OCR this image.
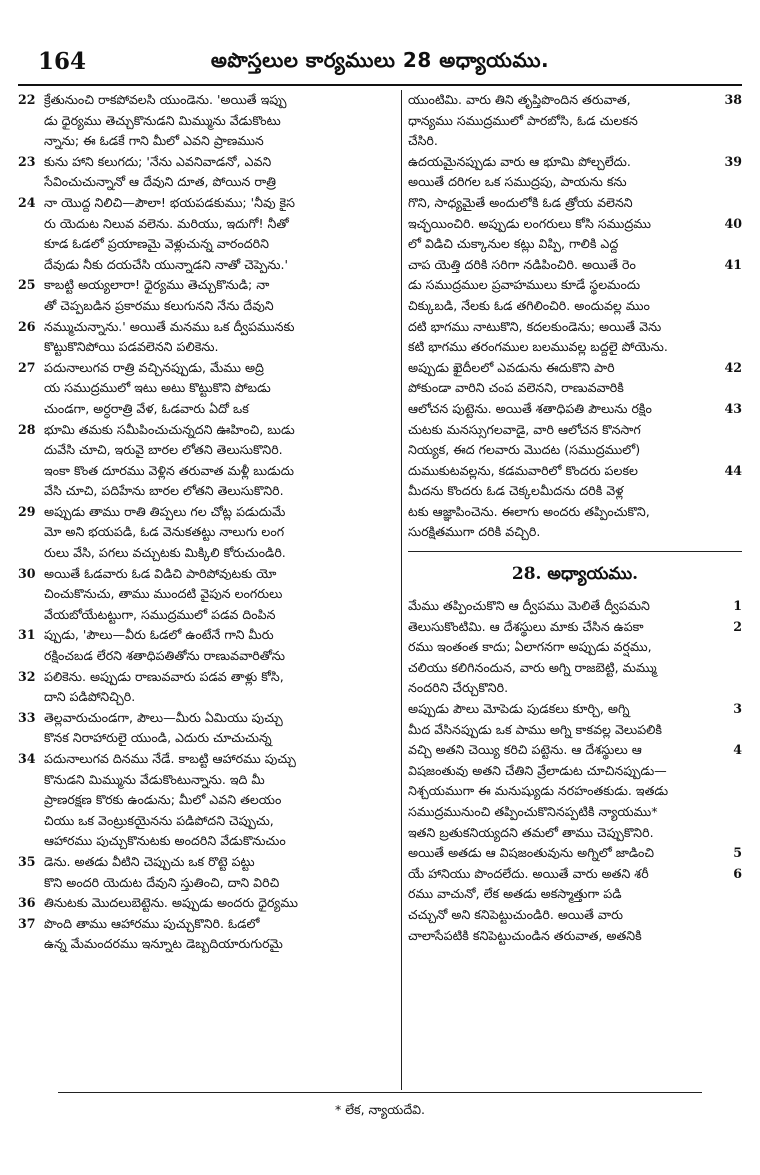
164	అపొస్తలుల కార్యములు 28 అధ్యాయము.
22 క్రేతునుంచి రాకపోవలసి యుండెను. 'అయితే ఇప్పు
డు ధైర్యము తెచ్చుకొనుడని మిమ్మును వేడుకొంటు
న్నాను; ఈ ఓడకే గాని మీలో ఎవని ప్రాణమున
23 కును హాని కలుగదు; 'నేను ఎవనివాడనో, ఎవని
సేవించుచున్నానో ఆ దేవుని దూత, పోయిన రాత్రి
24 నా యొద్ద నిలిచి—పౌలా! భయపడకుము; 'నీవు కైస
రు యెదుట నిలువ వలెను. మరియు, ఇదుగో! నీతో
కూడ ఓడలో ప్రయాణమై వెళ్లుచున్న వారందరిని
దేవుడు నీకు దయచేసి యున్నాడని నాతో చెప్పెను.'
25 కాబట్టి అయ్యలారా! ధైర్యము తెచ్చుకొనుడి; నా
తో చెప్పబడిన ప్రకారము కలుగునని నేను దేవుని
26 నమ్ముచున్నాను.' అయితే మనము ఒక ద్వీపమునకు
కొట్టుకొనిపోయి పడవలెనని పలికెను.
27 పదునాలుగవ రాత్రి వచ్చినప్పుడు, మేము అద్రి
య సముద్రములో ఇటు అటు కొట్టుకొని పోబడు
చుండగా, అర్ధరాత్రి వేళ, ఓడవారు ఏదో ఒక
28 భూమి తమకు సమీపించుచున్నదని ఊహించి, బుడు
దువేసి చూచి, ఇరువై బారల లోతని తెలుసుకొనిరి.
ఇంకా కొంత దూరము వెళ్లిన తరువాత మళ్లీ బుడుదు
వేసి చూచి, పదిహేను బారల లోతని తెలుసుకొనిరి.
29 అప్పుడు తాము రాతి తిప్పలు గల చోట్ల పడుదుమే
మో అని భయపడి, ఓడ వెనుకతట్టు నాలుగు లంగ
రులు వేసి, పగలు వచ్చుటకు మిక్కిలి కోరుచుండిరి.
30 అయితే ఓడవారు ఓడ విడిచి పారిపోవుటకు యో
చించుకొనుచు, తాము ముందటి వైపున లంగరులు
వేయబోయేటట్టుగా, సముద్రములో పడవ దింపిన
31 ప్పుడు, 'పౌలు—వీరు ఓడలో ఉంటేనే గాని మీరు
రక్షించబడ లేరని శతాధిపతితోను రాణువవారితోను
32 పలికెను. అప్పుడు రాణువవారు పడవ తాళ్లు కోసి,
దాని పడిపోనిచ్చిరి.
33 తెల్లవారుచుండగా, పౌలు—మీరు ఏమియు పుచ్చు
కొనక నిరాహారులై యుండి, ఎదురు చూచుచున్న
34 పదునాలుగవ దినము నేడే. కాబట్టి ఆహారము పుచ్చు
కొనుడని మిమ్మును వేడుకొంటున్నాను. ఇది మీ
ప్రాణరక్షణ కొరకు ఉండును; మీలో ఎవని తలయం
చియు ఒక వెంట్రుకయైనను పడిపోదని చెప్పుచు,
ఆహారము పుచ్చుకొనుటకు అందరిని వేడుకొనుచుం
35 డెను. అతడు వీటిని చెప్పుచు ఒక రొట్టె పట్టు
కొని అందరి యెదుట దేవుని స్తుతించి, దాని విరిచి
36 తినుటకు మొదలుబెట్టెను. అప్పుడు అందరు ధైర్యము
37 పొంది తాము ఆహారము పుచ్చుకొనిరి. ఓడలో
ఉన్న మేమందరము ఇన్నూట డెబ్బదియారుగురమై
యుంటిమి. వారు తిని తృప్తిపొందిన తరువాత,	38
ధాన్యము సముద్రములో పారబోసి, ఓడ చులకన
చేసిరి.
ఉదయమైనప్పుడు వారు ఆ భూమి పోల్చలేదు.	39
అయితే దరిగల ఒక సముద్రపు, పాయను కను
గొని, సాధ్యమైతే అందులోకి ఓడ త్రోయ వలెనని
ఇచ్ఛయించిరి. అప్పుడు లంగరులు కోసి సముద్రము	40
లో విడిచి చుక్కానుల కట్లు విప్పి, గాలికి ఎద్ద
చాప యెత్తి దరికి సరిగా నడిపించిరి. అయితే రెం	41
డు సముద్రముల ప్రవాహములు కూడే స్థలమందు
చిక్కుబడి, నేలకు ఓడ తగిలించిరి. అందువల్ల ముం
దటి భాగము నాటుకొని, కదలకుండెను; అయితే వెను
కటి భాగము తరంగముల బలమువల్ల బద్దలై పోయెను.
అప్పుడు ఖైదీలలో ఎవడును ఈదుకొని పారి	42
పోకుండా వారిని చంప వలెనని, రాణువవారికి
ఆలోచన పుట్టెను. అయితే శతాధిపతి పౌలును రక్షిం	43
చుటకు మనస్సుగలవాడై, వారి ఆలోచన కొనసాగ
నియ్యక, ఈద గలవారు మొదట (సముద్రములో)
దుముకుటవల్లను, కడమవారిలో కొందరు పలకల	44
మీదను కొందరు ఓడ చెక్కలమీదను దరికి వెళ్ల
టకు ఆజ్ఞాపించెను. ఈలాగు అందరు తప్పించుకొని,
సురక్షితముగా దరికి వచ్చిరి.
28. అధ్యాయము.
మేము తప్పించుకొని ఆ ద్వీపము మెలితే ద్వీపమని	1
తెలుసుకొంటిమి. ఆ దేశస్థులు మాకు చేసిన ఉపకా	2
రము ఇంతంత కాదు; ఏలాగనగా అప్పుడు వర్షము,
చలియు కలిగినందున, వారు అగ్ని రాజబెట్టి, మమ్ము
నందరిని చేర్చుకొనిరి.
అప్పుడు పౌలు మోపెడు పుడకలు కూర్చి, అగ్ని	3
మీద వేసినప్పుడు ఒక పాము అగ్ని కాకవల్ల వెలుపలికి
వచ్చి అతని చెయ్యి కరిచి పట్టెను. ఆ దేశస్థులు ఆ	4
విషజంతువు అతని చేతిని వ్రేలాడుట చూచినప్పుడు—
నిశ్చయముగా ఈ మనుష్యుడు నరహంతకుడు. ఇతడు
సముద్రమునుంచి తప్పించుకొనినప్పటికి న్యాయము*
ఇతని బ్రతుకనియ్యదని తమలో తాము చెప్పుకొనిరి.
అయితే అతడు ఆ విషజంతువును అగ్నిలో జాడించి	5
యే హానియు పొందలేదు. అయితే వారు అతని శరీ	6
రము వాచునో, లేక అతడు అకస్మాత్తుగా పడి
చచ్చునో అని కనిపెట్టుచుండిరి. అయితే వారు
చాలాసేపటికి కనిపెట్టుచుండిన తరువాత, అతనికి
* లేక, న్యాయదేవి.
